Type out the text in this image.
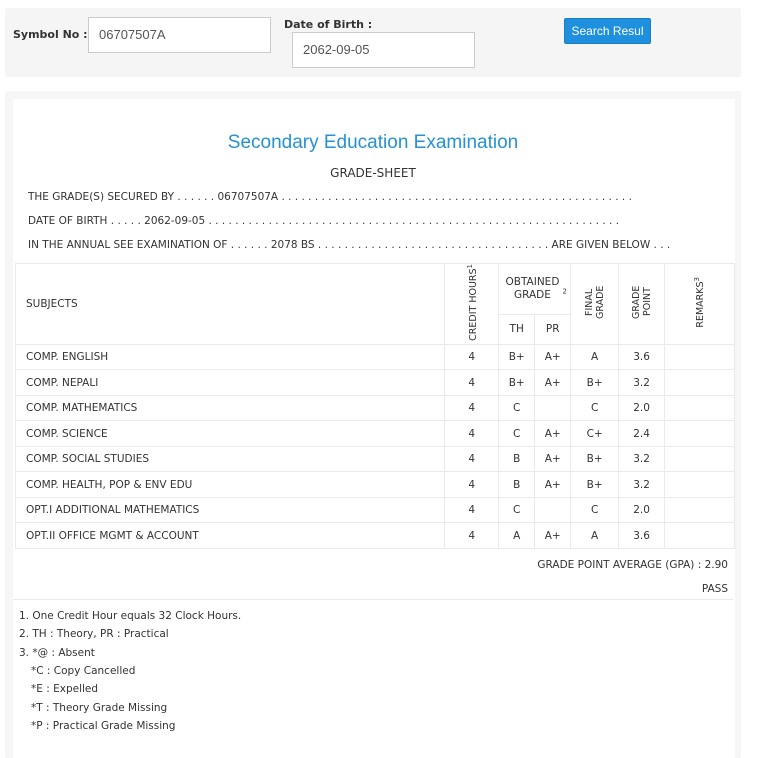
Symbol No : 06707507A
Date of Birth :
2062-09-05
Search Resul
Secondary Education Examination
GRADE-SHEET
THE GRADE(S) SECURED BY . . . . . . 06707507A . . . . . . . . . . . . . . . . . . . . . . . . . . . . . . . . . . . . . . . . . . . . . . . . . . . . .
DATE OF BIRTH . . . . . 2062-09-05 . . . . . . . . . . . . . . . . . . . . . . . . . . . . . . . . . . . . . . . . . . . . . . . . . . . . . . . . . . . . . .
IN THE ANNUAL SEE EXAMINATION OF . . . . . . 2078 BS . . . . . . . . . . . . . . . . . . . . . . . . . . . . . . . . . . . ARE GIVEN BELOW . . .
SUBJECTS	CREDIT HOURS$^1$	OBTAINED GRADE $^2$		FINAL GRADE	GRADE POINT	REMARKS$^3$
		TH	PR			
COMP. ENGLISH	4	B+	A+	A	3.6	
COMP. NEPALI	4	B+	A+	B+	3.2	
COMP. MATHEMATICS	4	C		C	2.0	
COMP. SCIENCE	4	C	A+	C+	2.4	
COMP. SOCIAL STUDIES	4	B	A+	B+	3.2	
COMP. HEALTH, POP & ENV EDU	4	B	A+	B+	3.2	
OPT.I ADDITIONAL MATHEMATICS	4	C		C	2.0	
OPT.II OFFICE MGMT & ACCOUNT	4	A	A+	A	3.6	
GRADE POINT AVERAGE (GPA) : 2.90
PASS
1. One Credit Hour equals 32 Clock Hours.
2. TH : Theory, PR : Practical
3. *@ : Absent
*C : Copy Cancelled
*E : Expelled
*T : Theory Grade Missing
*P : Practical Grade Missing
